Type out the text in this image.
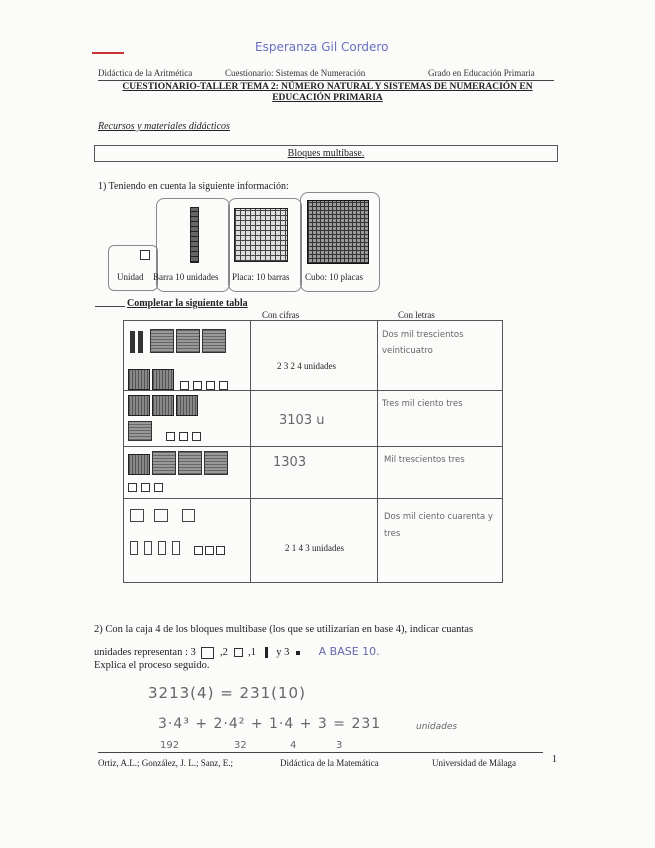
Esperanza Gil Cordero
Didáctica de la Aritmética	Cuestionario: Sistemas de Numeración	Grado en Educación Primaria
CUESTIONARIO-TALLER TEMA 2: NÚMERO NATURAL Y SISTEMAS DE NUMERACIÓN EN EDUCACIÓN PRIMARIA
Recursos y materiales didácticos
Bloques multibase.
1) Teniendo en cuenta la siguiente información:
Unidad Barra 10 unidades Placa: 10 barras Cubo: 10 placas
Completar la siguiente tabla
Con cifras	Con letras

	2 3 2 4 unidades	Dos mil trescientos veinticuatro

	3103 u	Tres mil ciento tres

	1303	Mil trescientos tres

	2 1 4 3 unidades	Dos mil ciento cuarenta y tres
2) Con la caja 4 de los bloques multibase (los que se utilizarían en base 4), indicar cuantas
unidades representan : 3 ,2 ,1 y 3	A BASE 10.
Explica el proceso seguido.
3213(4) = 231(10)
3·4³ + 2·4² + 1·4 + 3 = 231	unidades
192	32	4	3
Ortiz, A.L.; González, J. L.; Sanz, E.;	Didáctica de la Matemática	Universidad de Málaga	1
